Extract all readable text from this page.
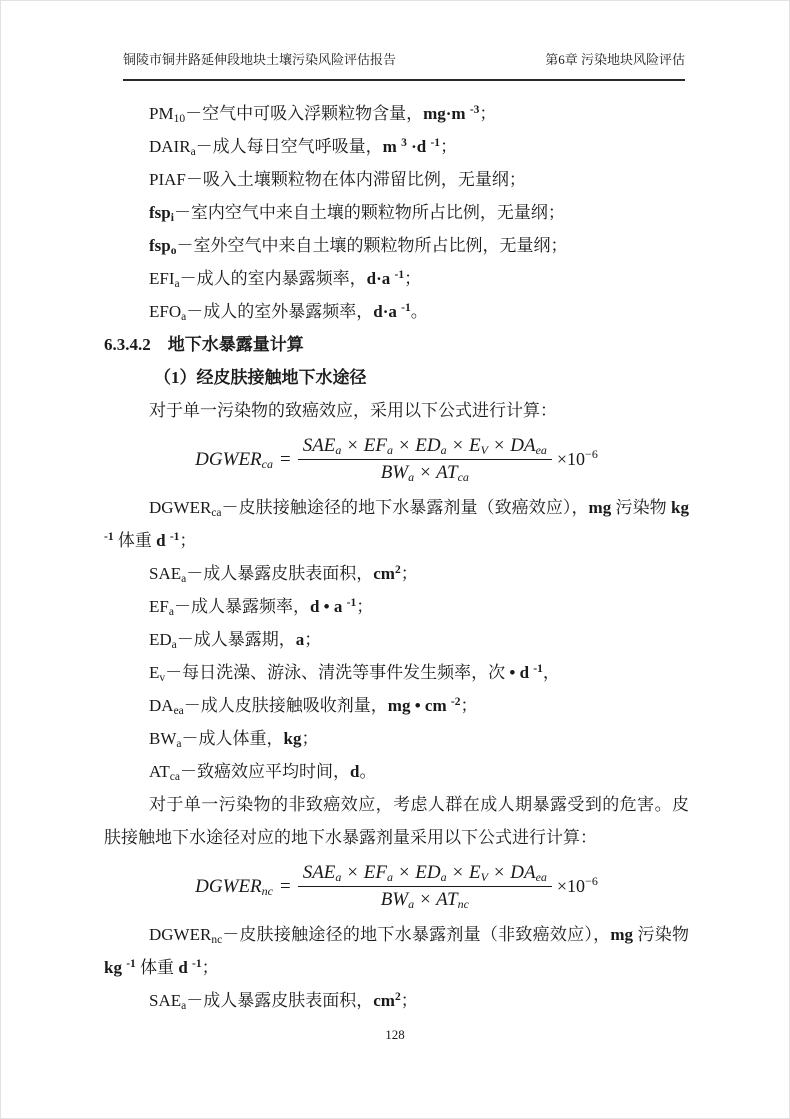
铜陵市铜井路延伸段地块土壤污染风险评估报告	第6章 污染地块风险评估

$PM_{10}-$空气中可吸入浮颗粒物含量，mg·m $^{-3}$；

$DAIR_a-$成人每日空气呼吸量，m $^3$ ·d $^{-1}$；

PIAF－吸入土壤颗粒物在体内滞留比例，无量纲；

fsp$_i$－室内空气中来自土壤的颗粒物所占比例，无量纲；

fsp$_o$－室外空气中来自土壤的颗粒物所占比例，无量纲；

$EFI_a-$成人的室内暴露频率，d·a $^{-1}$；

$EFO_a-$成人的室外暴露频率，d·a $^{-1}$。

6.3.4.2　地下水暴露量计算

（1）经皮肤接触地下水途径

对于单一污染物的致癌效应，采用以下公式进行计算：

$DGWER_{ca} = \frac{SAE_a \times EF_a \times ED_a \times E_V \times DA_{ea}}{BW_a \times AT_{ca}} \times 10^{-6}$

$DGWER_{ca}-$皮肤接触途径的地下水暴露剂量（致癌效应），mg 污染物 kg $^{-1}$ 体重 d $^{-1}$；

$SAE_a-$成人暴露皮肤表面积，$cm^2$；

$EF_a-$成人暴露频率，d • a $^{-1}$；

$ED_a-$成人暴露期，a；

$E_v-$每日洗澡、游泳、清洗等事件发生频率，次 • d $^{-1}$，

$DA_{ea}-$成人皮肤接触吸收剂量，mg • cm $^{-2}$；

$BW_a-$成人体重，kg；

$AT_{ca}-$致癌效应平均时间，d。

对于单一污染物的非致癌效应，考虑人群在成人期暴露受到的危害。皮肤接触地下水途径对应的地下水暴露剂量采用以下公式进行计算：

$DGWER_{nc} = \frac{SAE_a \times EF_a \times ED_a \times E_V \times DA_{ea}}{BW_a \times AT_{nc}} \times 10^{-6}$

$DGWER_{nc}-$皮肤接触途径的地下水暴露剂量（非致癌效应），mg 污染物 kg $^{-1}$ 体重 d $^{-1}$；

$SAE_a-$成人暴露皮肤表面积，$cm^2$；

128
